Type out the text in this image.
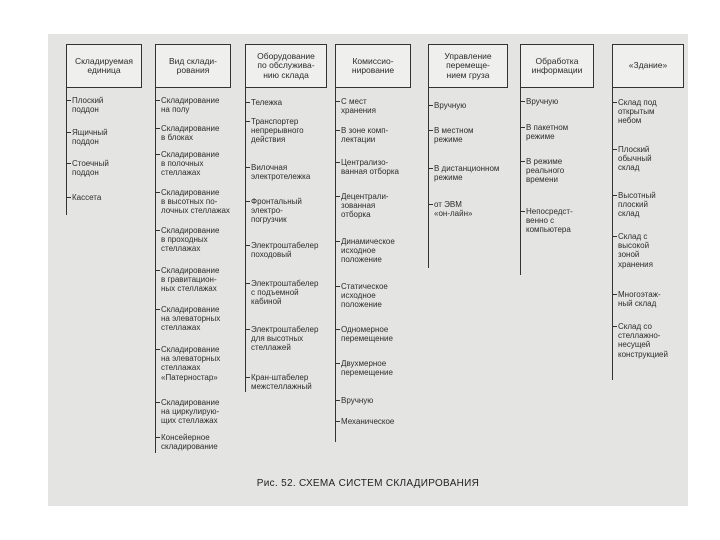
Складируемая
единица
Плоский
поддон
Ящичный
поддон
Стоечный
поддон
Кассета
Вид склади-
рования
Складирование
на полу
Складирование
в блоках
Складирование
в полочных
стеллажах
Складирование
в высотных по-
лочных стеллажах
Складирование
в проходных
стеллажах
Складирование
в гравитацион-
ных стеллажах
Складирование
на элеваторных
стеллажах
Складирование
на элеваторных
стеллажах
«Патерностар»
Складирование
на циркулирую-
щих стеллажах
Консейерное
складирование
Оборудование
по обслужива-
нию склада
Тележка
Транспортер
непрерывного
действия
Вилочная
электротележка
Фронтальный
электро-
погрузчик
Электроштабелер
походовый
Электроштабелер
с подъемной
кабиной
Электроштабелер
для высотных
стеллажей
Кран-штабелер
межстеллажный
Комиссио-
нирование
С мест
хранения
В зоне комп-
лектации
Централизо-
ванная отборка
Децентрали-
зованная
отборка
Динамическое
исходное
положение
Статическое
исходное
положение
Одномерное
перемещение
Двухмерное
перемещение
Вручную
Механическое
Управление
перемеще-
нием груза
Вручную
В местном
режиме
В дистанционном
режиме
от ЭВМ
«он-лайн»
Обработка
информации
Вручную
В пакетном
режиме
В режиме
реального
времени
Непосредст-
венно с
компьютера
«Здание»
Склад под
открытым
небом
Плоский
обычный
склад
Высотный
плоский
склад
Склад с
высокой
зоной
хранения
Многоэтаж-
ный склад
Склад со
стеллажно-
несущей
конструкцией
Рис. 52. СХЕМА СИСТЕМ СКЛАДИРОВАНИЯ
